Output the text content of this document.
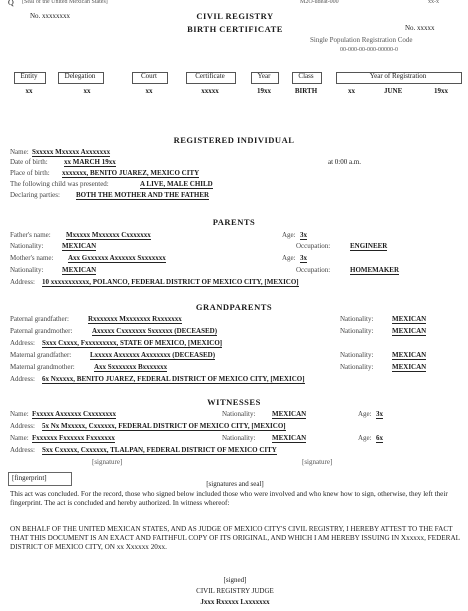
Q [Seal of the United Mexican States]	M2O-udeat-000	xx-x
No. xxxxxxxx	CIVIL REGISTRY
BIRTH CERTIFICATE	No. xxxxx
Single Population Registration Code
00-000-00-000-00000-0
Entity	Delegation	Court	Certificate	Year	Class	Year of Registration
xx	xx	xx	xxxxx	19xx	BIRTH	xx	JUNE	19xx
REGISTERED INDIVIDUAL
Name: Sxxxxx Mxxxxx Axxxxxxx
Date of birth: xx MARCH 19xx	at 0:00 a.m.
Place of birth: xxxxxxx, BENITO JUAREZ, MEXICO CITY
The following child was presented:	A LIVE, MALE CHILD
Declaring parties: BOTH THE MOTHER AND THE FATHER
PARENTS
Father's name: Mxxxxx Mxxxxxx Cxxxxxxx	Age: 3x
Nationality:	MEXICAN	Occupation:	ENGINEER
Mother's name: Axx Gxxxxxx Axxxxxx Sxxxxxxx	Age: 3x
Nationality:	MEXICAN	Occupation:	HOMEMAKER
Address: 10 xxxxxxxxxxx, POLANCO, FEDERAL DISTRICT OF MEXICO CITY, [MEXICO]
GRANDPARENTS
Paternal grandfather:	Rxxxxxxx Mxxxxxxx Rxxxxxxx	Nationality:	MEXICAN
Paternal grandmother:	Axxxxx Cxxxxxxx Sxxxxxx (DECEASED)	Nationality:	MEXICAN
Address: Sxxx Cxxxx, Fxxxxxxxxx, STATE OF MEXICO, [MEXICO]
Maternal grandfather:	Lxxxxx Axxxxxx Axxxxxxx (DECEASED)	Nationality:	MEXICAN
Maternal grandmother:	Axx Sxxxxxxx Bxxxxxxx	Nationality:	MEXICAN
Address: 6x Nxxxxx, BENITO JUAREZ, FEDERAL DISTRICT OF MEXICO CITY, [MEXICO]
WITNESSES
Name: Fxxxxx Axxxxxx Cxxxxxxxx	Nationality: MEXICAN	Age: 3x
Address: 5x Nx Mxxxxx, Cxxxxxx, FEDERAL DISTRICT OF MEXICO CITY, [MEXICO]
Name: Fxxxxxx Fxxxxxx Fxxxxxxx	Nationality: MEXICAN	Age: 6x
Address: Sxx Cxxxxx, Cxxxxxx, TLALPAN, FEDERAL DISTRICT OF MEXICO CITY
[signature]	[signature]
[fingerprint]
[signatures and seal]
This act was concluded. For the record, those who signed below included those who were involved and who knew how to sign, otherwise, they left their fingerprint. The act is concluded and hereby authorized. In witness whereof:
ON BEHALF OF THE UNITED MEXICAN STATES, AND AS JUDGE OF MEXICO CITY'S CIVIL REGISTRY, I HEREBY ATTEST TO THE FACT THAT THIS DOCUMENT IS AN EXACT AND FAITHFUL COPY OF ITS ORIGINAL, AND WHICH I AM HEREBY ISSUING IN Xxxxxx, FEDERAL DISTRICT OF MEXICO CITY, ON xx Xxxxxx 20xx.
[signed]
CIVIL REGISTRY JUDGE
Jxxx Rxxxxx Lxxxxxxx
